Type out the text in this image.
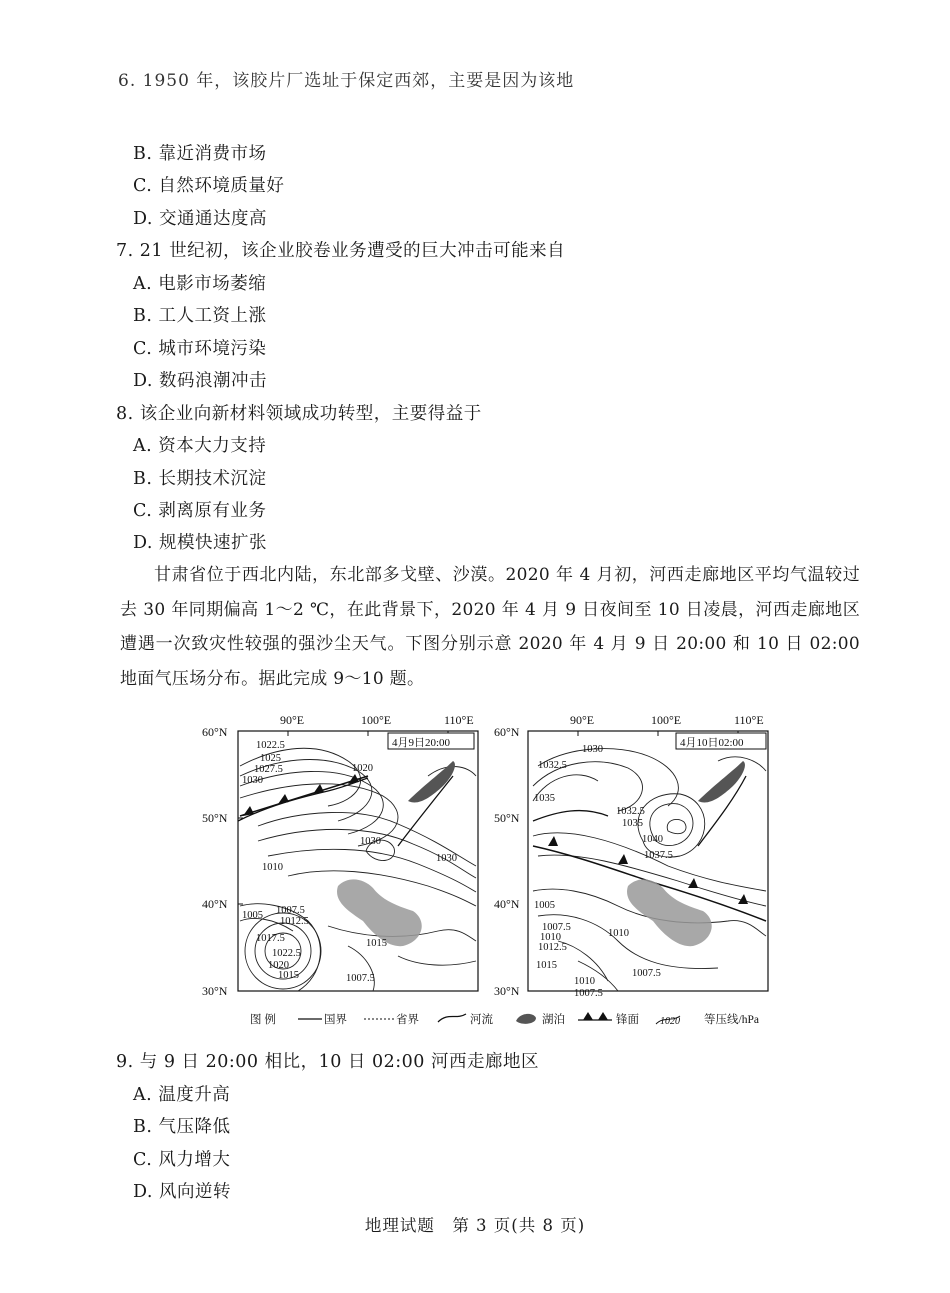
6. 1950 年，该胶片厂选址于保定西郊，主要是因为该地
B. 靠近消费市场
C. 自然环境质量好
D. 交通通达度高
7. 21 世纪初，该企业胶卷业务遭受的巨大冲击可能来自
A. 电影市场萎缩
B. 工人工资上涨
C. 城市环境污染
D. 数码浪潮冲击
8. 该企业向新材料领域成功转型，主要得益于
A. 资本大力支持
B. 长期技术沉淀
C. 剥离原有业务
D. 规模快速扩张
甘肃省位于西北内陆，东北部多戈壁、沙漠。2020 年 4 月初，河西走廊地区平均气温较过去 30 年同期偏高 1～2 ℃，在此背景下，2020 年 4 月 9 日夜间至 10 日凌晨，河西走廊地区遭遇一次致灾性较强的强沙尘天气。下图分别示意 2020 年 4 月 9 日 20:00 和 10 日 02:00 地面气压场分布。据此完成 9～10 题。
90°E	100°E	110°E
60°N
50°N
40°N
30°N
4月9日20:00
1022.5
1025
1027.5
1030
1020
1030
1030
1010
1005 1007.5
1012.5
1017.5
1022.5
1020
1015
1015
1007.5
90°E	100°E	110°E
60°N
50°N
40°N
30°N
4月10日02:00
1030
1032.5
1035
1032.5
1035
1040
1037.5
1005
1007.5
1010
1012.5
1015
1010
1007.5
1010
1007.5
图 例	国界	省界	河流	湖泊	锋面 1020 等压线/hPa
9. 与 9 日 20:00 相比，10 日 02:00 河西走廊地区
A. 温度升高
B. 气压降低
C. 风力增大
D. 风向逆转
地理试题　第 3 页(共 8 页)
